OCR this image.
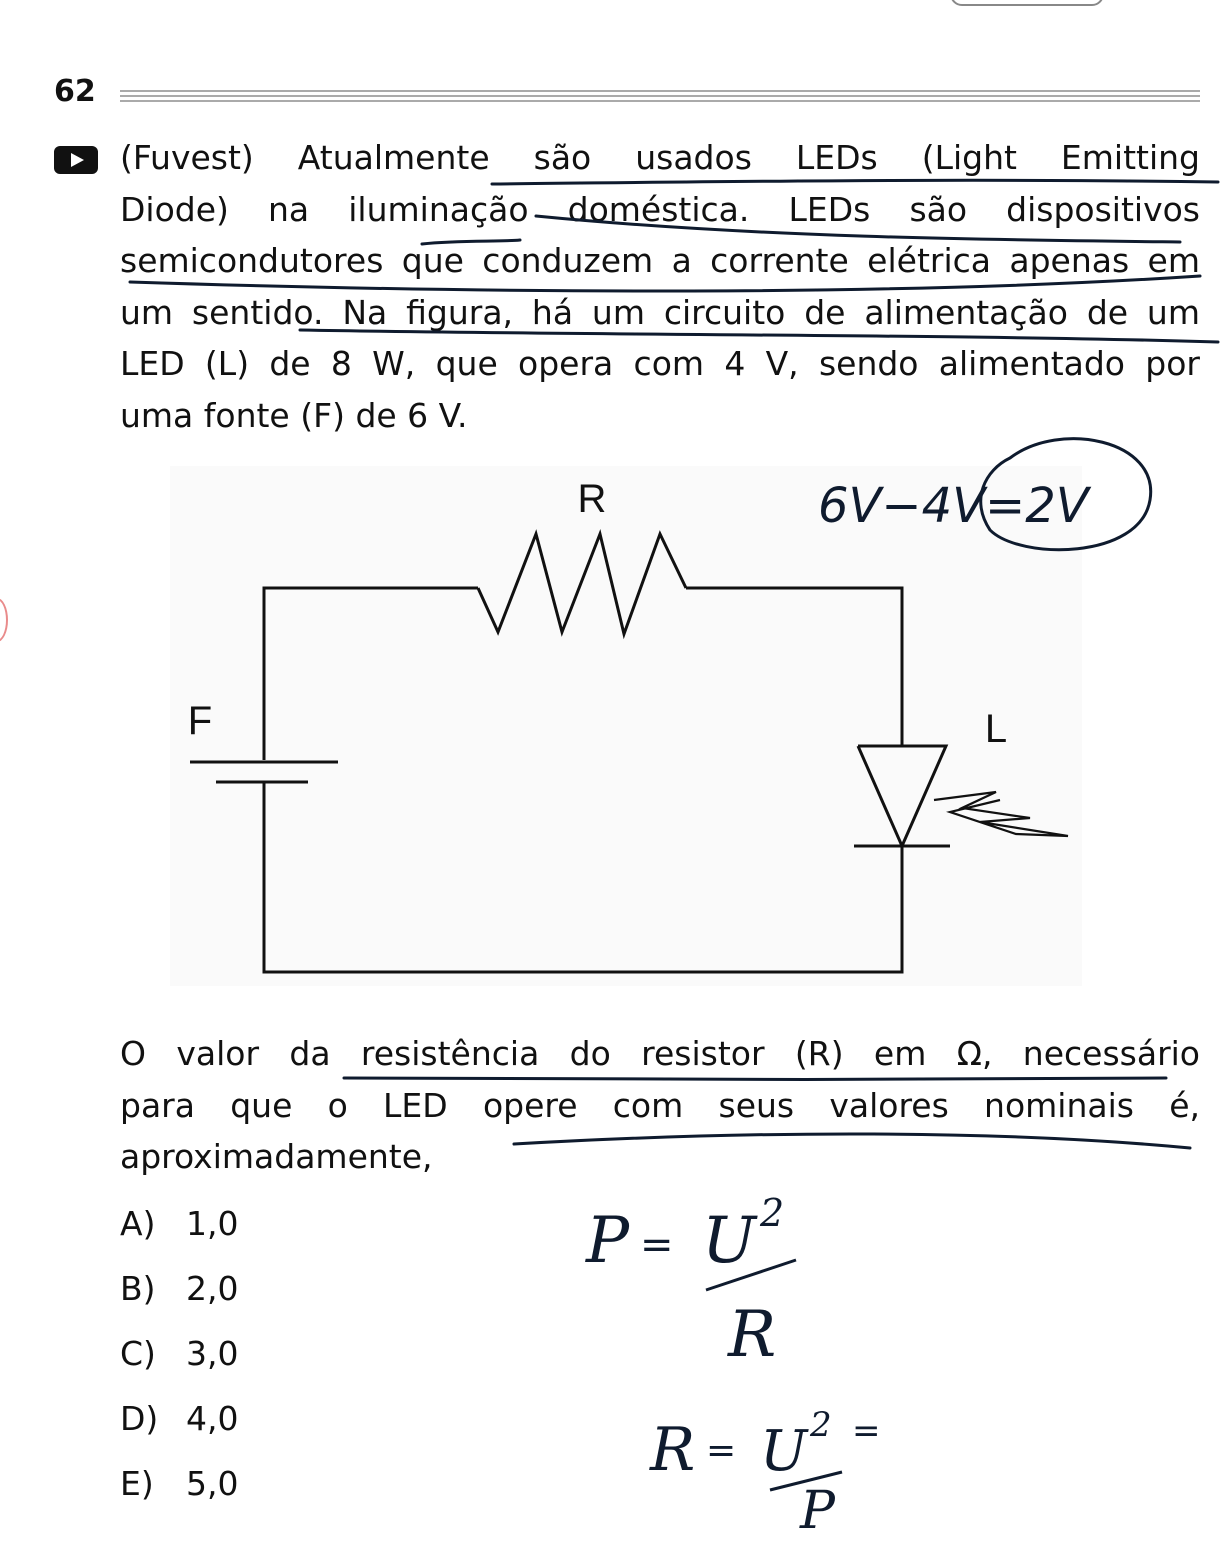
62
(Fuvest) Atualmente são usados LEDs (Light Emitting
Diode) na iluminação doméstica. LEDs são dispositivos
semicondutores que conduzem a corrente elétrica apenas em
um sentido. Na figura, há um circuito de alimentação de um
LED (L) de 8 W, que opera com 4 V, sendo alimentado por
uma fonte (F) de 6 V.
R
F	L
6V−4V=2V
P = U 2
R
R = U 2
P
=
O valor da resistência do resistor (R) em Ω, necessário
para que o LED opere com seus valores nominais é,
aproximadamente,
A) 1,0
B) 2,0
C) 3,0
D) 4,0
E) 5,0
